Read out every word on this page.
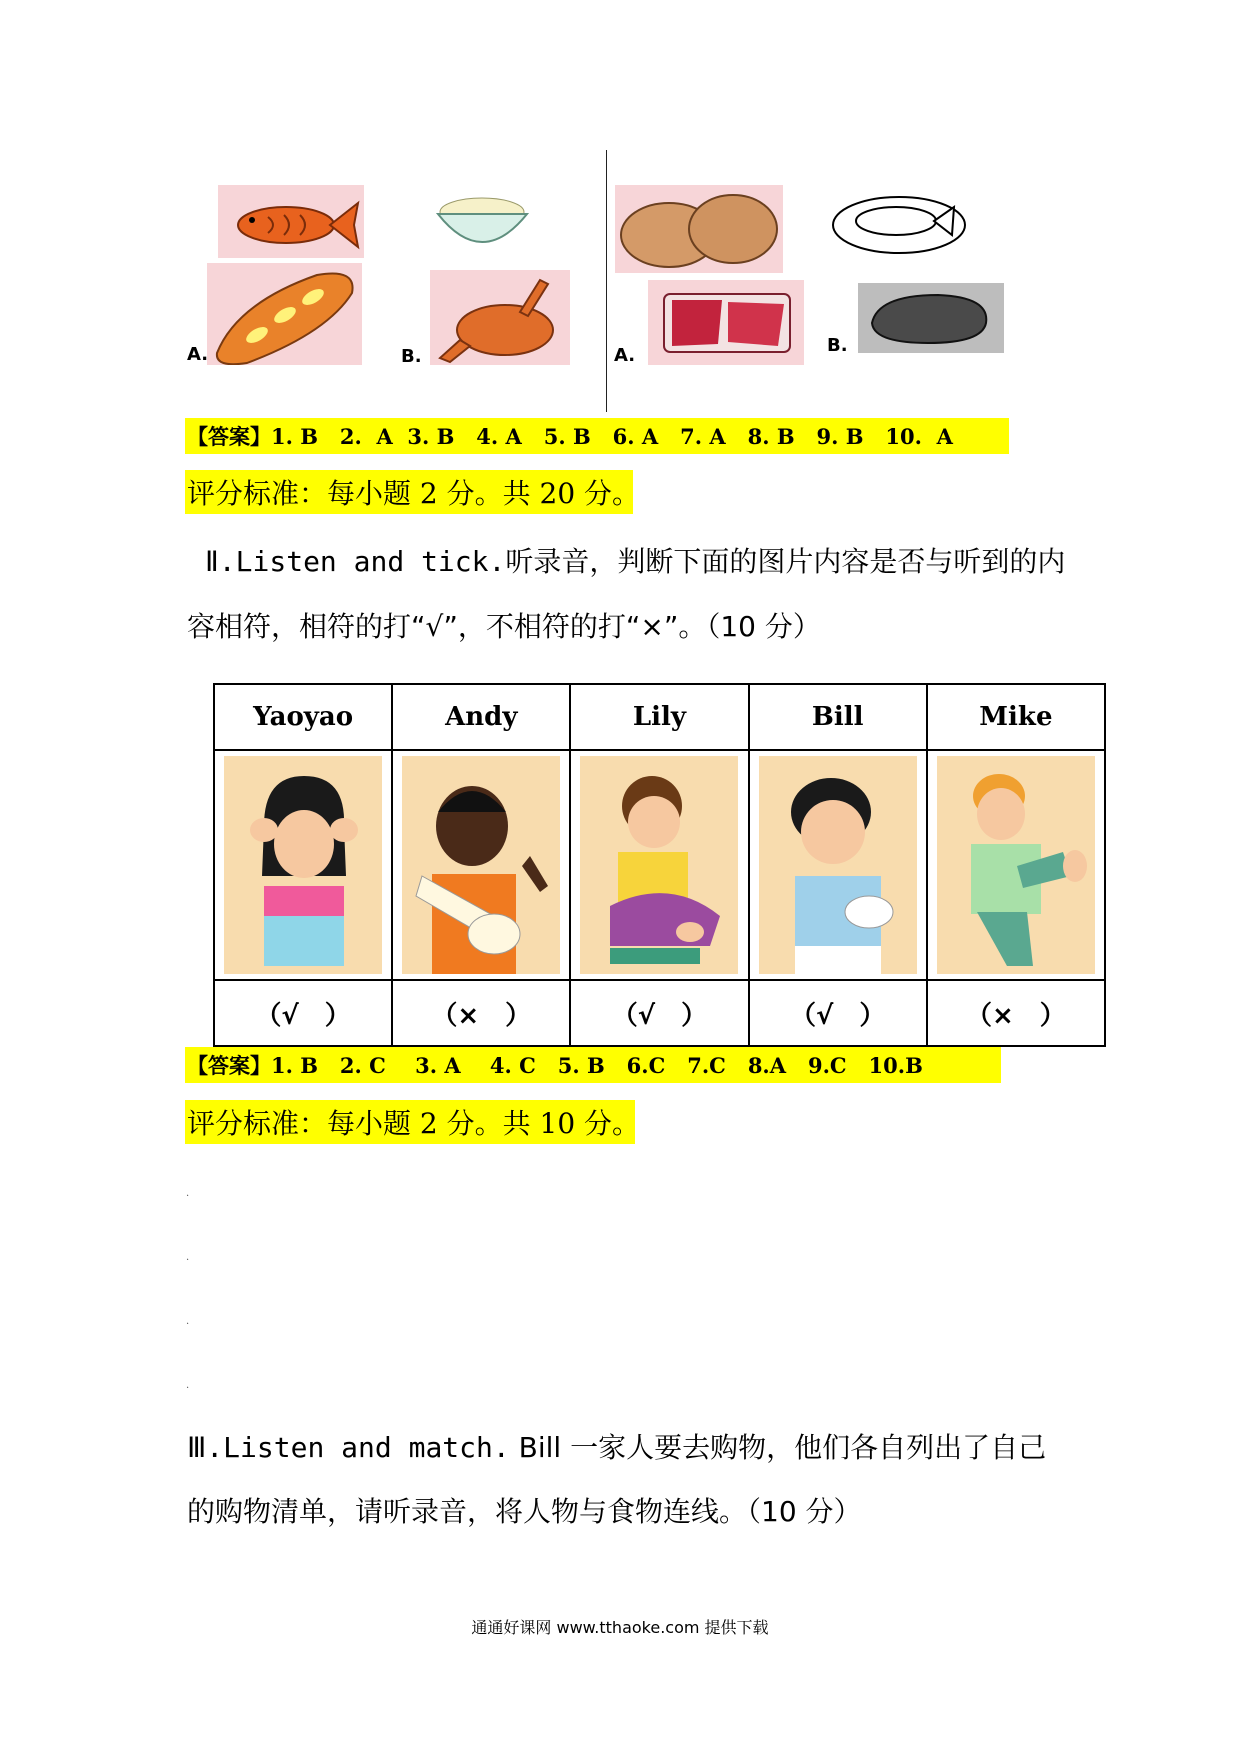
A.	B.	A.	B.
【答案】1. B   2.  A  3. B   4. A   5. B   6. A   7. A   8. B   9. B   10.  A
评分标准：每小题 2 分。共 20 分。
Ⅱ.Listen and tick.听录音，判断下面的图片内容是否与听到的内
容相符，相符的打“√”，不相符的打“×”。（10 分）
Yaoyao	Andy	Lily	Bill	Mike

（√　）	（×　）	（√　）	（√　）	（×　）
【答案】1. B   2. C    3. A    4. C   5. B   6.C   7.C   8.A   9.C   10.B
评分标准：每小题 2 分。共 10 分。
.
.
.
.
Ⅲ.Listen and match. Bill 一家人要去购物，他们各自列出了自己
的购物清单，请听录音，将人物与食物连线。（10 分）
通通好课网 www.tthaoke.com 提供下载
